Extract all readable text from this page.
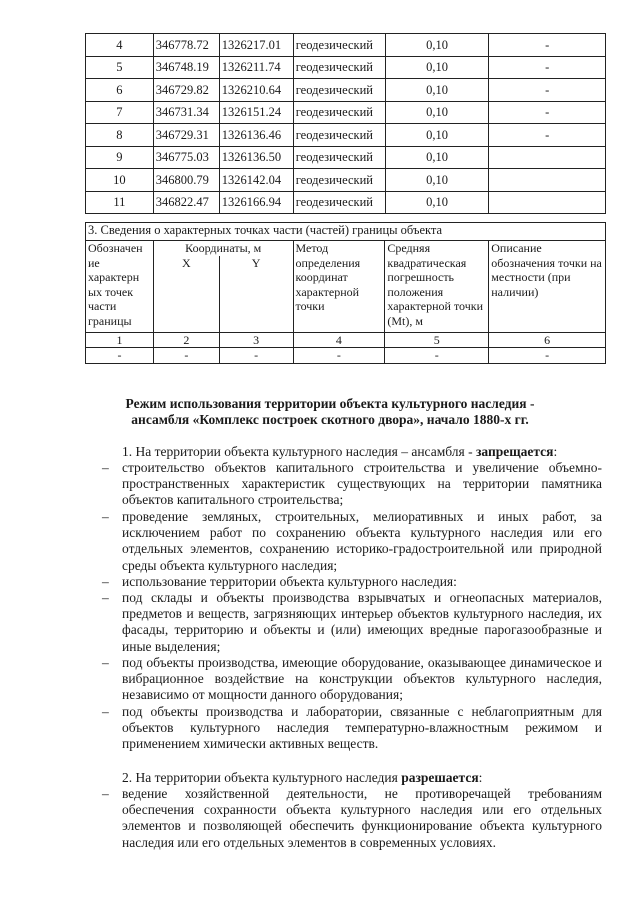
4	346778.72	1326217.01	геодезический	0,10	-
5	346748.19	1326211.74	геодезический	0,10	-
6	346729.82	1326210.64	геодезический	0,10	-
7	346731.34	1326151.24	геодезический	0,10	-
8	346729.31	1326136.46	геодезический	0,10	-
9	346775.03	1326136.50	геодезический	0,10	
10	346800.79	1326142.04	геодезический	0,10	
11	346822.47	1326166.94	геодезический	0,10	
3. Сведения о характерных точках части (частей) границы объекта					
Обозначен ие характерн ых точек части границы	Координаты, м		Метод определения координат характерной точки	Средняя квадратическая погрешность положения характерной точки (Mt), м	Описание обозначения точки на местности (при наличии)
	X	Y			
1	2	3	4	5	6
-	-	-	-	-	-
Режим использования территории объекта культурного наследия -
ансамбля «Комплекс построек скотного двора», начало 1880-х гг.
1. На территории объекта культурного наследия – ансамбля - запрещается:
– строительство объектов капитального строительства и увеличение объемно-пространственных характеристик существующих на территории памятника объектов капитального строительства;
– проведение земляных, строительных, мелиоративных и иных работ, за исключением работ по сохранению объекта культурного наследия или его отдельных элементов, сохранению историко-градостроительной или природной среды объекта культурного наследия;
– использование территории объекта культурного наследия:
– под склады и объекты производства взрывчатых и огнеопасных материалов, предметов и веществ, загрязняющих интерьер объектов культурного наследия, их фасады, территорию и объекты и (или) имеющих вредные парогазообразные и иные выделения;
– под объекты производства, имеющие оборудование, оказывающее динамическое и вибрационное воздействие на конструкции объектов культурного наследия, независимо от мощности данного оборудования;
– под объекты производства и лаборатории, связанные с неблагоприятным для объектов культурного наследия температурно-влажностным режимом и применением химически активных веществ.
2. На территории объекта культурного наследия разрешается:
– ведение хозяйственной деятельности, не противоречащей требованиям обеспечения сохранности объекта культурного наследия или его отдельных элементов и позволяющей обеспечить функционирование объекта культурного наследия или его отдельных элементов в современных условиях.
